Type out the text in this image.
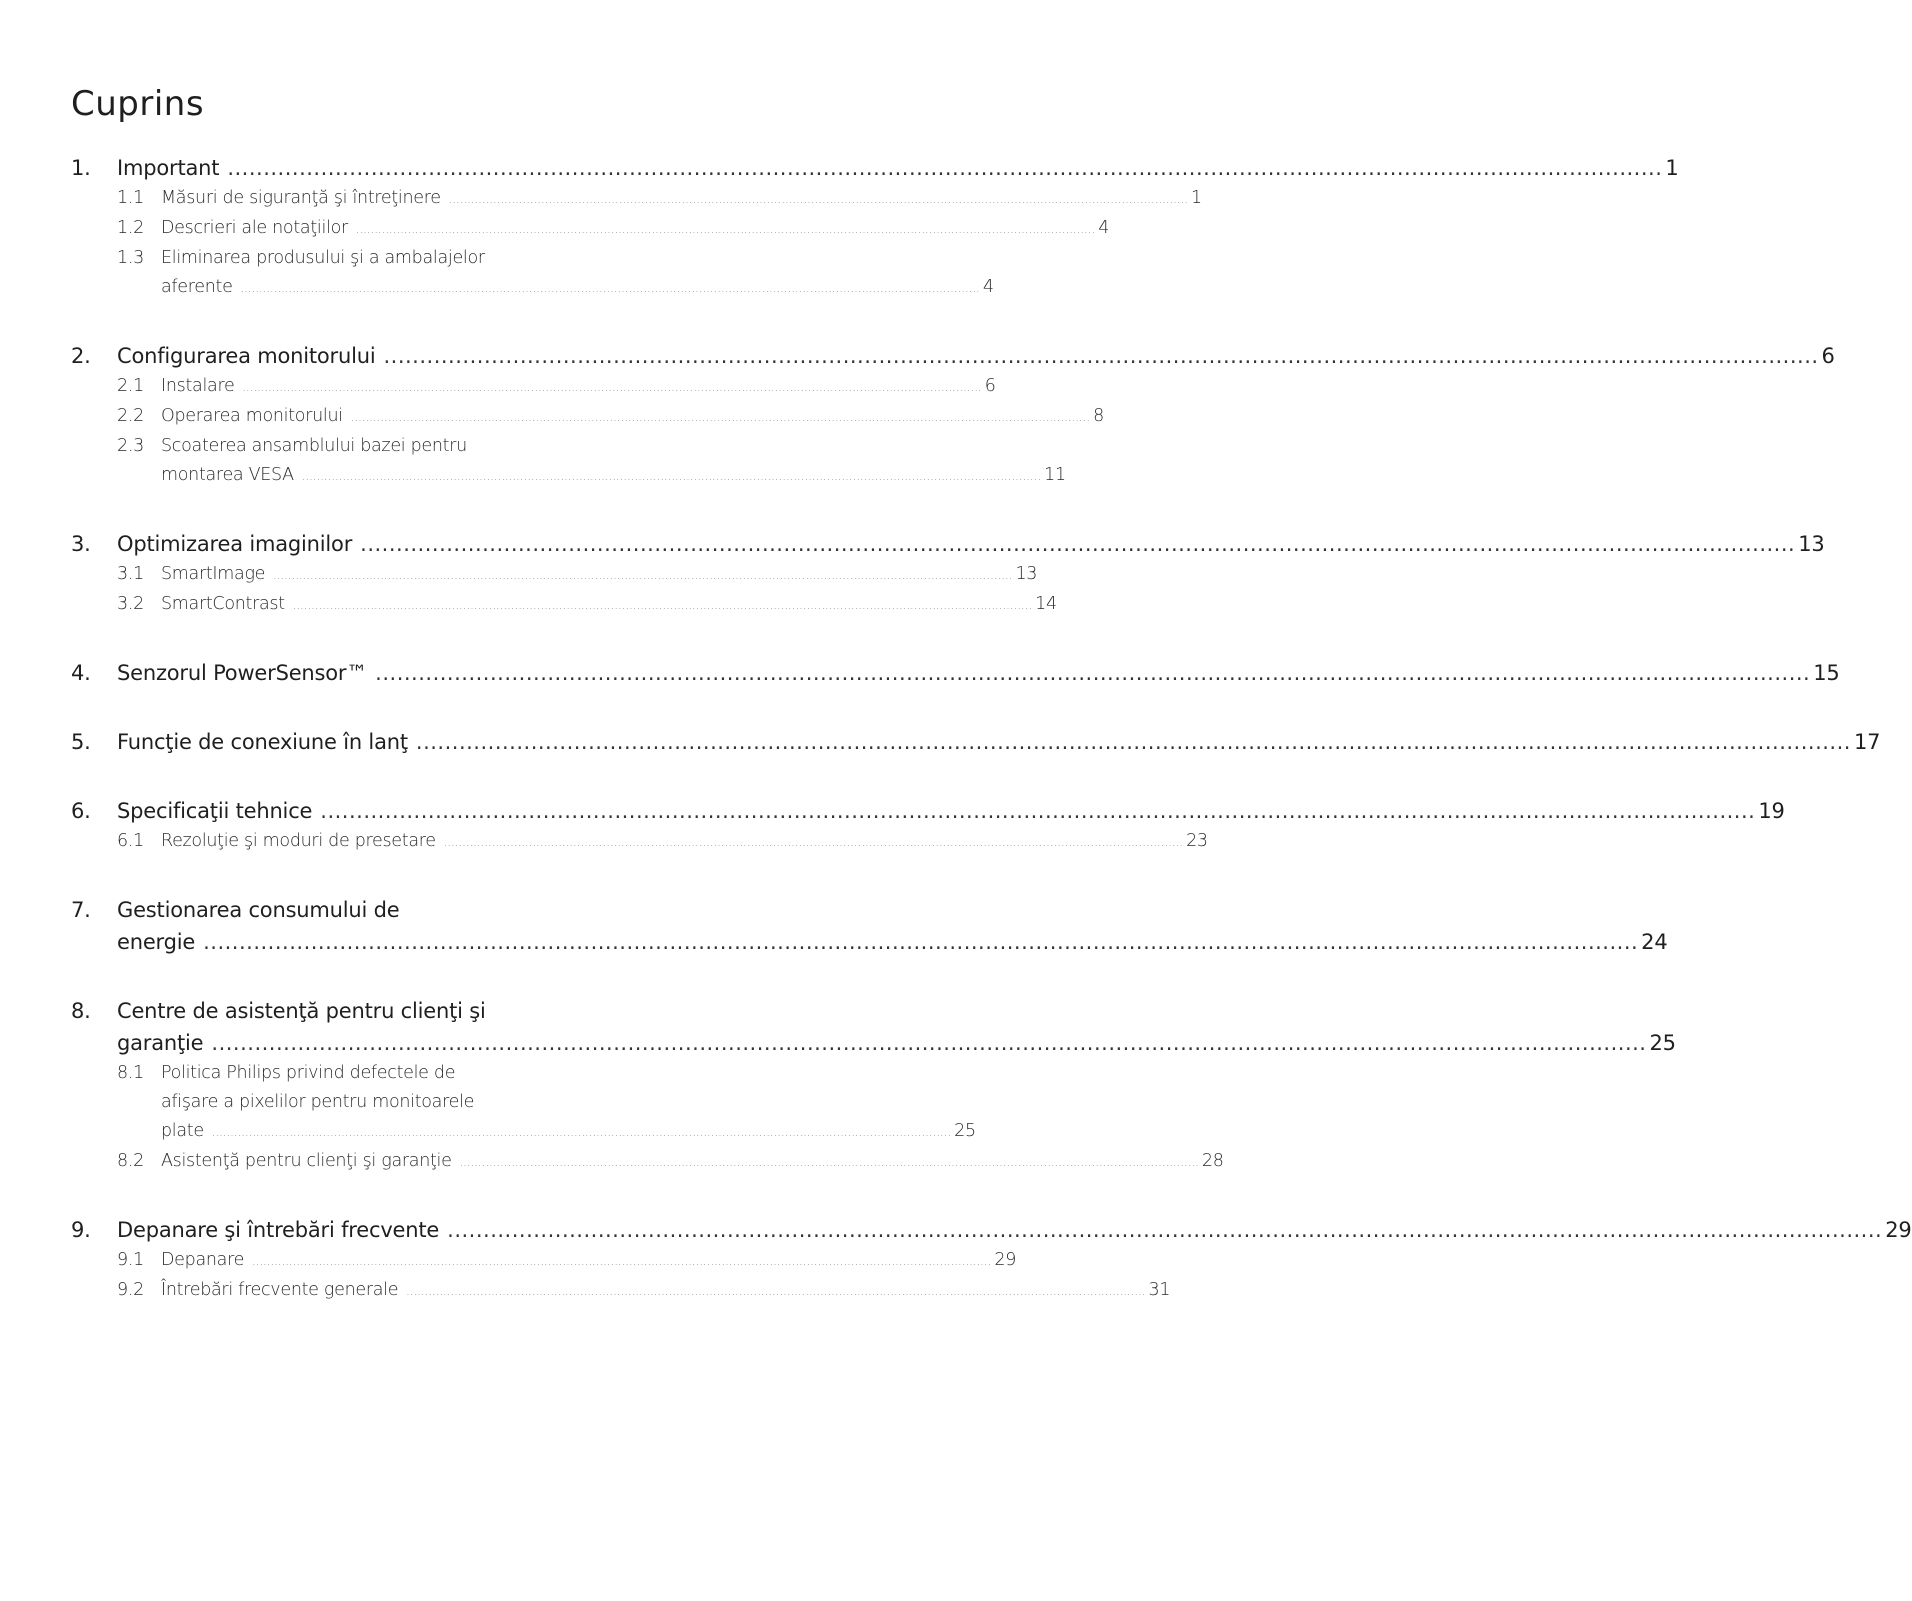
Cuprins
1. Important ........................................................................................................................................................................................................ 1
1.1 Măsuri de siguranţă şi întreţinere ........................................................................................................................................................................................................ 1
1.2 Descrieri ale notaţiilor ........................................................................................................................................................................................................ 4
1.3 Eliminarea produsului şi a ambalajelor
aferente ........................................................................................................................................................................................................ 4
2. Configurarea monitorului ........................................................................................................................................................................................................ 6
2.1 Instalare ........................................................................................................................................................................................................ 6
2.2 Operarea monitorului ........................................................................................................................................................................................................ 8
2.3 Scoaterea ansamblului bazei pentru
montarea VESA ........................................................................................................................................................................................................ 11
3. Optimizarea imaginilor ........................................................................................................................................................................................................ 13
3.1 SmartImage ........................................................................................................................................................................................................ 13
3.2 SmartContrast ........................................................................................................................................................................................................ 14
4. Senzorul PowerSensor™ ........................................................................................................................................................................................................ 15
5. Funcţie de conexiune în lanţ ........................................................................................................................................................................................................ 17
6. Specificaţii tehnice ........................................................................................................................................................................................................ 19
6.1 Rezoluţie şi moduri de presetare ........................................................................................................................................................................................................ 23
7. Gestionarea consumului de
energie ........................................................................................................................................................................................................ 24
8. Centre de asistenţă pentru clienţi şi
garanţie ........................................................................................................................................................................................................ 25
8.1 Politica Philips privind defectele de
afişare a pixelilor pentru monitoarele
plate ........................................................................................................................................................................................................ 25
8.2 Asistenţă pentru clienţi şi garanţie ........................................................................................................................................................................................................ 28
9. Depanare şi întrebări frecvente ........................................................................................................................................................................................................ 29
9.1 Depanare ........................................................................................................................................................................................................ 29
9.2 Întrebări frecvente generale ........................................................................................................................................................................................................ 31
